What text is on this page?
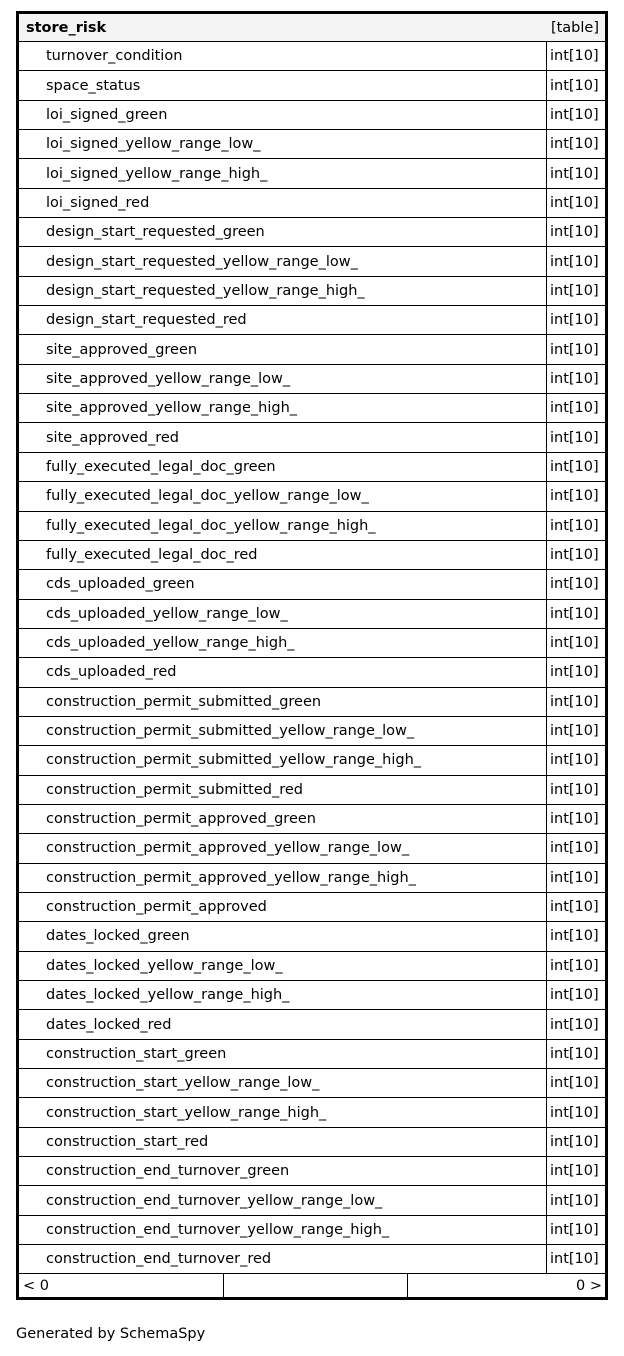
store_risk	[table]
turnover_condition	int[10]
space_status	int[10]
loi_signed_green	int[10]
loi_signed_yellow_range_low_	int[10]
loi_signed_yellow_range_high_	int[10]
loi_signed_red	int[10]
design_start_requested_green	int[10]
design_start_requested_yellow_range_low_	int[10]
design_start_requested_yellow_range_high_	int[10]
design_start_requested_red	int[10]
site_approved_green	int[10]
site_approved_yellow_range_low_	int[10]
site_approved_yellow_range_high_	int[10]
site_approved_red	int[10]
fully_executed_legal_doc_green	int[10]
fully_executed_legal_doc_yellow_range_low_	int[10]
fully_executed_legal_doc_yellow_range_high_	int[10]
fully_executed_legal_doc_red	int[10]
cds_uploaded_green	int[10]
cds_uploaded_yellow_range_low_	int[10]
cds_uploaded_yellow_range_high_	int[10]
cds_uploaded_red	int[10]
construction_permit_submitted_green	int[10]
construction_permit_submitted_yellow_range_low_	int[10]
construction_permit_submitted_yellow_range_high_	int[10]
construction_permit_submitted_red	int[10]
construction_permit_approved_green	int[10]
construction_permit_approved_yellow_range_low_	int[10]
construction_permit_approved_yellow_range_high_	int[10]
construction_permit_approved	int[10]
dates_locked_green	int[10]
dates_locked_yellow_range_low_	int[10]
dates_locked_yellow_range_high_	int[10]
dates_locked_red	int[10]
construction_start_green	int[10]
construction_start_yellow_range_low_	int[10]
construction_start_yellow_range_high_	int[10]
construction_start_red	int[10]
construction_end_turnover_green	int[10]
construction_end_turnover_yellow_range_low_	int[10]
construction_end_turnover_yellow_range_high_	int[10]
construction_end_turnover_red	int[10]
< 0	0 >
Generated by SchemaSpy
